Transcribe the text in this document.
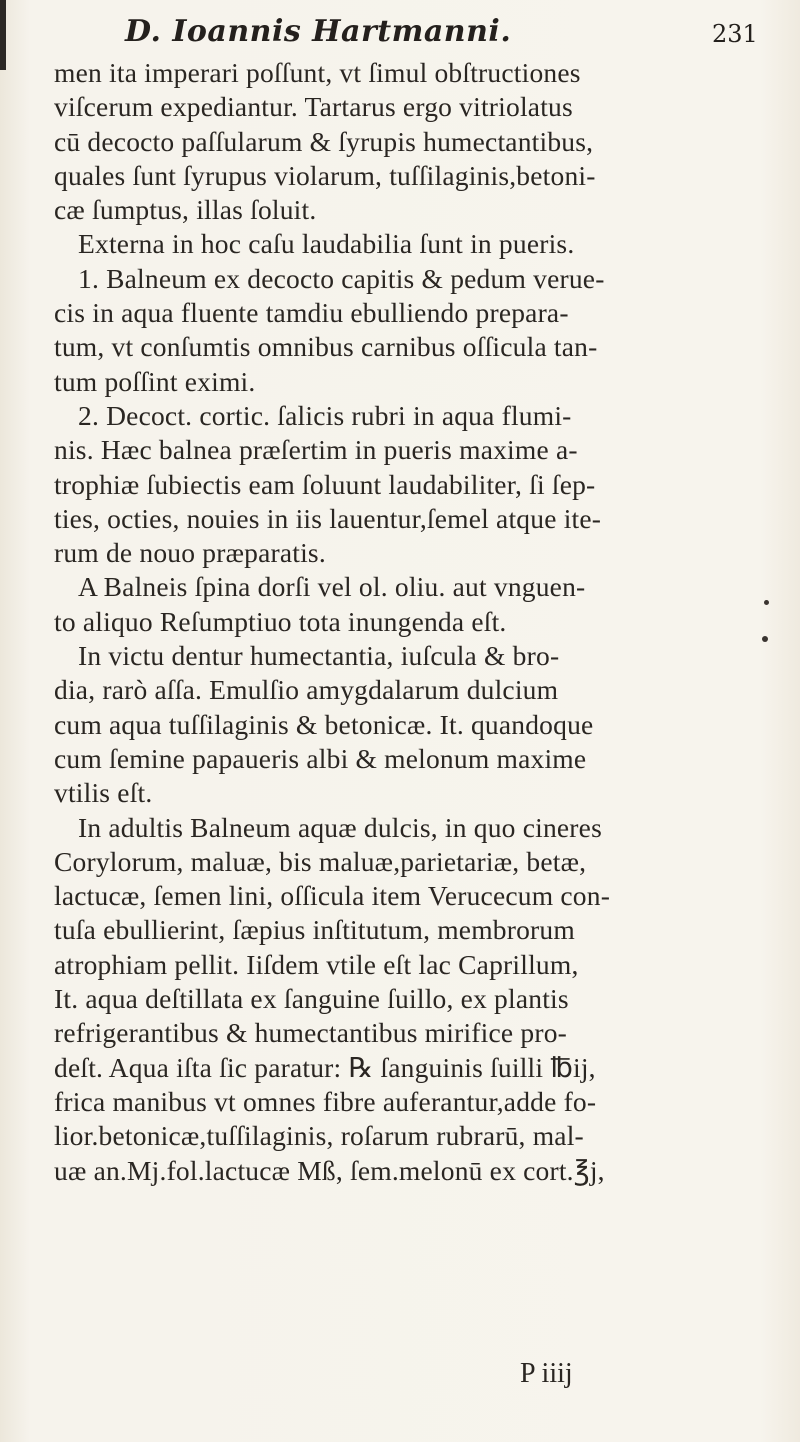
D. Ioannis Hartmanni.	231
men ita imperari poſſunt, vt ſimul obſtructiones
viſcerum expediantur. Tartarus ergo vitriolatus
cū decocto paſſularum & ſyrupis humectantibus,
quales ſunt ſyrupus violarum, tuſſilaginis,betoni-
cæ ſumptus, illas ſoluit.
Externa in hoc caſu laudabilia ſunt in pueris.
1. Balneum ex decocto capitis & pedum verue-
cis in aqua fluente tamdiu ebulliendo prepara-
tum, vt conſumtis omnibus carnibus oſſicula tan-
tum poſſint eximi.
2. Decoct. cortic. ſalicis rubri in aqua flumi-
nis. Hæc balnea præſertim in pueris maxime a-
trophiæ ſubiectis eam ſoluunt laudabiliter, ſi ſep-
ties, octies, nouies in iis lauentur,ſemel atque ite-
rum de nouo præparatis.
A Balneis ſpina dorſi vel ol. oliu. aut vnguen-
to aliquo Reſumptiuo tota inungenda eſt.
In victu dentur humectantia, iuſcula & bro-
dia, rarò aſſa. Emulſio amygdalarum dulcium
cum aqua tuſſilaginis & betonicæ. It. quandoque
cum ſemine papaueris albi & melonum maxime
vtilis eſt.
In adultis Balneum aquæ dulcis, in quo cineres
Corylorum, maluæ, bis maluæ,parietariæ, betæ,
lactucæ, ſemen lini, oſſicula item Verucecum con-
tuſa ebullierint, ſæpius inſtitutum, membrorum
atrophiam pellit. Iiſdem vtile eſt lac Caprillum,
It. aqua deſtillata ex ſanguine ſuillo, ex plantis
refrigerantibus & humectantibus mirifice pro-
deſt. Aqua iſta ſic paratur: ℞ ſanguinis ſuilli ℔ij,
frica manibus vt omnes fibre auferantur,adde fo-
lior.betonicæ,tuſſilaginis, roſarum rubrarū, mal-
uæ an.Mj.fol.lactucæ Mß, ſem.melonū ex cort.℥j,
P iiij
